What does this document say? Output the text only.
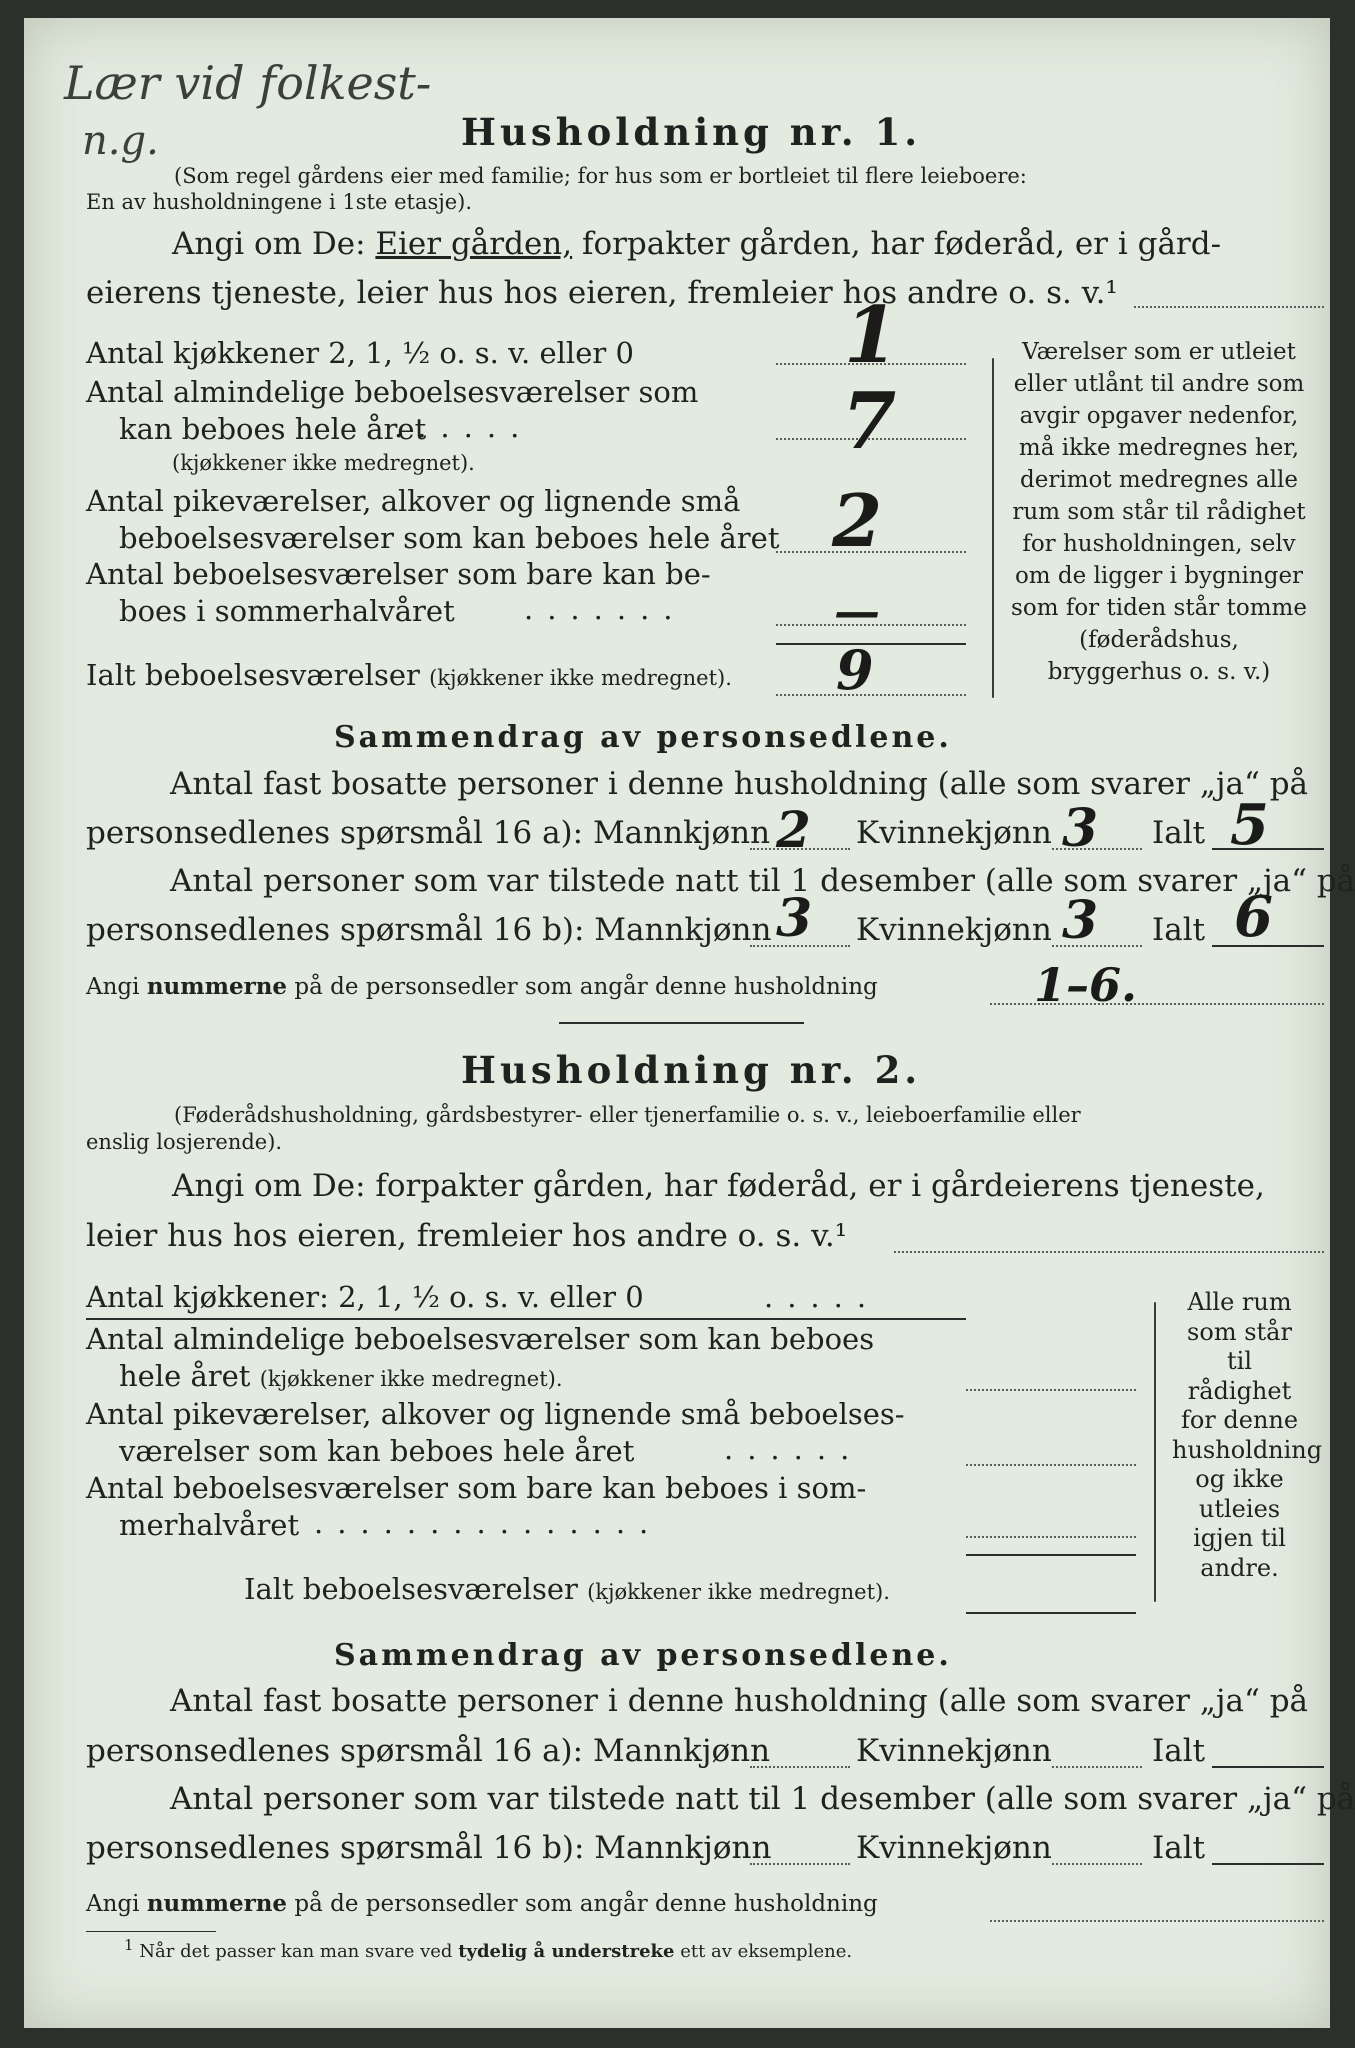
Lær vid folkest-
n.g.	Husholdning nr. 1.
(Som regel gårdens eier med familie; for hus som er bortleiet til flere leieboere:
En av husholdningene i 1ste etasje).
Angi om De: Eier gården, forpakter gården, har føderåd, er i gård-
eierens tjeneste, leier hus hos eieren, fremleier hos andre o. s. v.¹
Antal kjøkkener 2, 1, ½ o. s. v. eller 0	1
Antal almindelige beboelsesværelser som
kan beboes hele året
......
(kjøkkener ikke medregnet).	7
Antal pikeværelser, alkover og lignende små
beboelsesværelser som kan beboes hele året 2
Antal beboelsesværelser som bare kan be-
boes i sommerhalvåret .......	—
Ialt beboelsesværelser (kjøkkener ikke medregnet). 9
Værelser som er utleiet eller utlånt til andre som avgir opgaver nedenfor, må ikke medregnes her, derimot medregnes alle rum som står til rådighet for husholdningen, selv om de ligger i bygninger som for tiden står tomme (føderådshus, bryggerhus o. s. v.)
Sammendrag av personsedlene.
Antal fast bosatte personer i denne husholdning (alle som svarer „ja“ på
personsedlenes spørsmål 16 a): Mannkjønn 2 Kvinnekjønn 3 Ialt 5
Antal personer som var tilstede natt til 1 desember (alle som svarer „ja“ på
personsedlenes spørsmål 16 b): Mannkjønn 3 Kvinnekjønn 3 Ialt 6
Angi nummerne på de personsedler som angår denne husholdning	1–6.
Husholdning nr. 2.
(Føderådshusholdning, gårdsbestyrer- eller tjenerfamilie o. s. v., leieboerfamilie eller
enslig losjerende).
Angi om De: forpakter gården, har føderåd, er i gårdeierens tjeneste,
leier hus hos eieren, fremleier hos andre o. s. v.¹
Antal kjøkkener: 2, 1, ½ o. s. v. eller 0	.....
Antal almindelige beboelsesværelser som kan beboes
hele året (kjøkkener ikke medregnet).
Antal pikeværelser, alkover og lignende små beboelses-
værelser som kan beboes hele året	......
Antal beboelsesværelser som bare kan beboes i som-
merhalvåret ...............
Ialt beboelsesværelser (kjøkkener ikke medregnet).
Alle rum som står til rådighet for denne husholdning og ikke utleies igjen til andre.
Sammendrag av personsedlene.
Antal fast bosatte personer i denne husholdning (alle som svarer „ja“ på
personsedlenes spørsmål 16 a): Mannkjønn	Kvinnekjønn	Ialt
Antal personer som var tilstede natt til 1 desember (alle som svarer „ja“ på
personsedlenes spørsmål 16 b): Mannkjønn	Kvinnekjønn	Ialt
Angi nummerne på de personsedler som angår denne husholdning
$^1$ Når det passer kan man svare ved tydelig å understreke ett av eksemplene.
